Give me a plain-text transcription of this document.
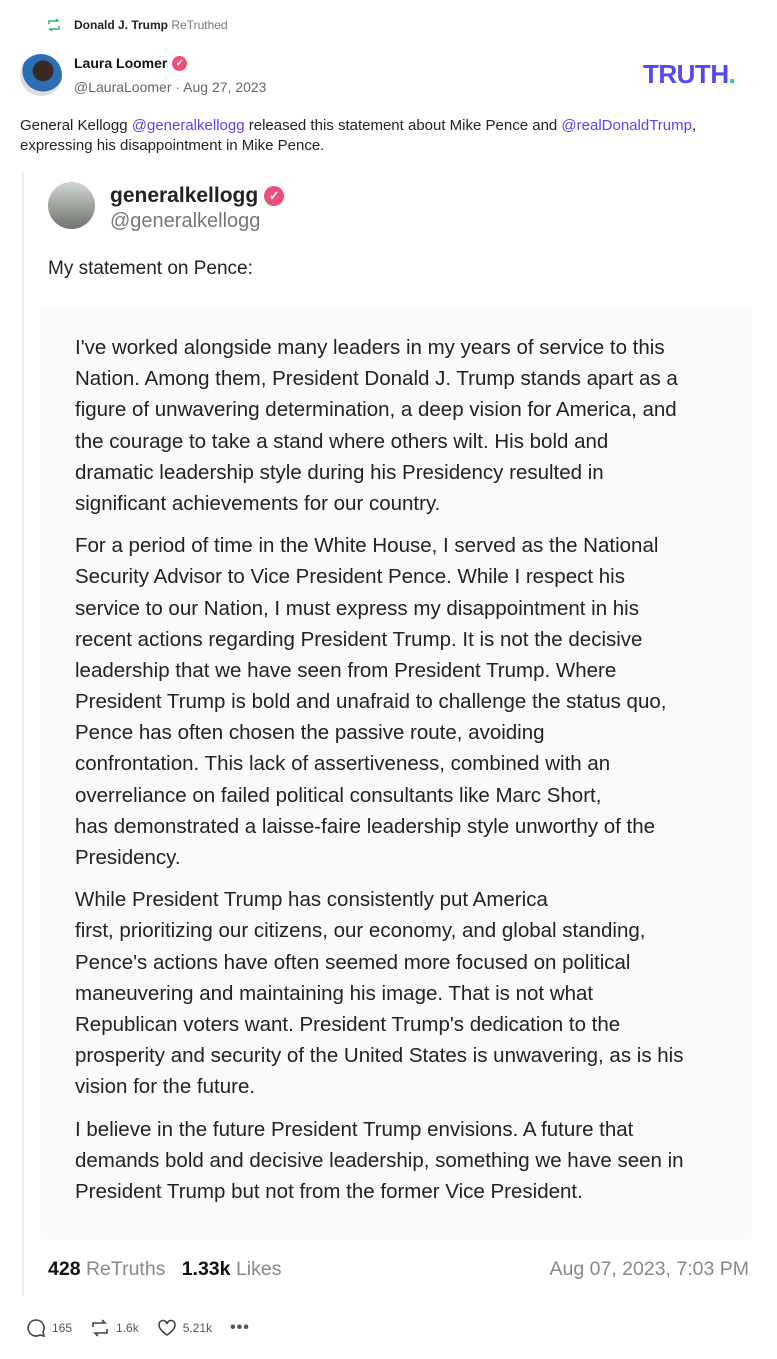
Donald J. Trump ReTruthed
Laura Loomer ✓
@LauraLoomer · Aug 27, 2023	TRUTH.
General Kellogg @generalkellogg released this statement about Mike Pence and @realDonaldTrump, expressing his disappointment in Mike Pence.
generalkellogg ✓
@generalkellogg
My statement on Pence:
I've worked alongside many leaders in my years of service to this
Nation. Among them, President Donald J. Trump stands apart as a
figure of unwavering determination, a deep vision for America, and
the courage to take a stand where others wilt. His bold and
dramatic leadership style during his Presidency resulted in
significant achievements for our country.
For a period of time in the White House, I served as the National
Security Advisor to Vice President Pence. While I respect his
service to our Nation, I must express my disappointment in his
recent actions regarding President Trump. It is not the decisive
leadership that we have seen from President Trump. Where
President Trump is bold and unafraid to challenge the status quo,
Pence has often chosen the passive route, avoiding
confrontation. This lack of assertiveness, combined with an
overreliance on failed political consultants like Marc Short,
has demonstrated a laisse-faire leadership style unworthy of the
Presidency.
While President Trump has consistently put America
first, prioritizing our citizens, our economy, and global standing,
Pence's actions have often seemed more focused on political
maneuvering and maintaining his image. That is not what
Republican voters want. President Trump's dedication to the
prosperity and security of the United States is unwavering, as is his
vision for the future.
I believe in the future President Trump envisions. A future that
demands bold and decisive leadership, something we have seen in
President Trump but not from the former Vice President.
428 ReTruths 1.33k Likes	Aug 07, 2023, 7:03 PM
165	1.6k	5.21k •••
